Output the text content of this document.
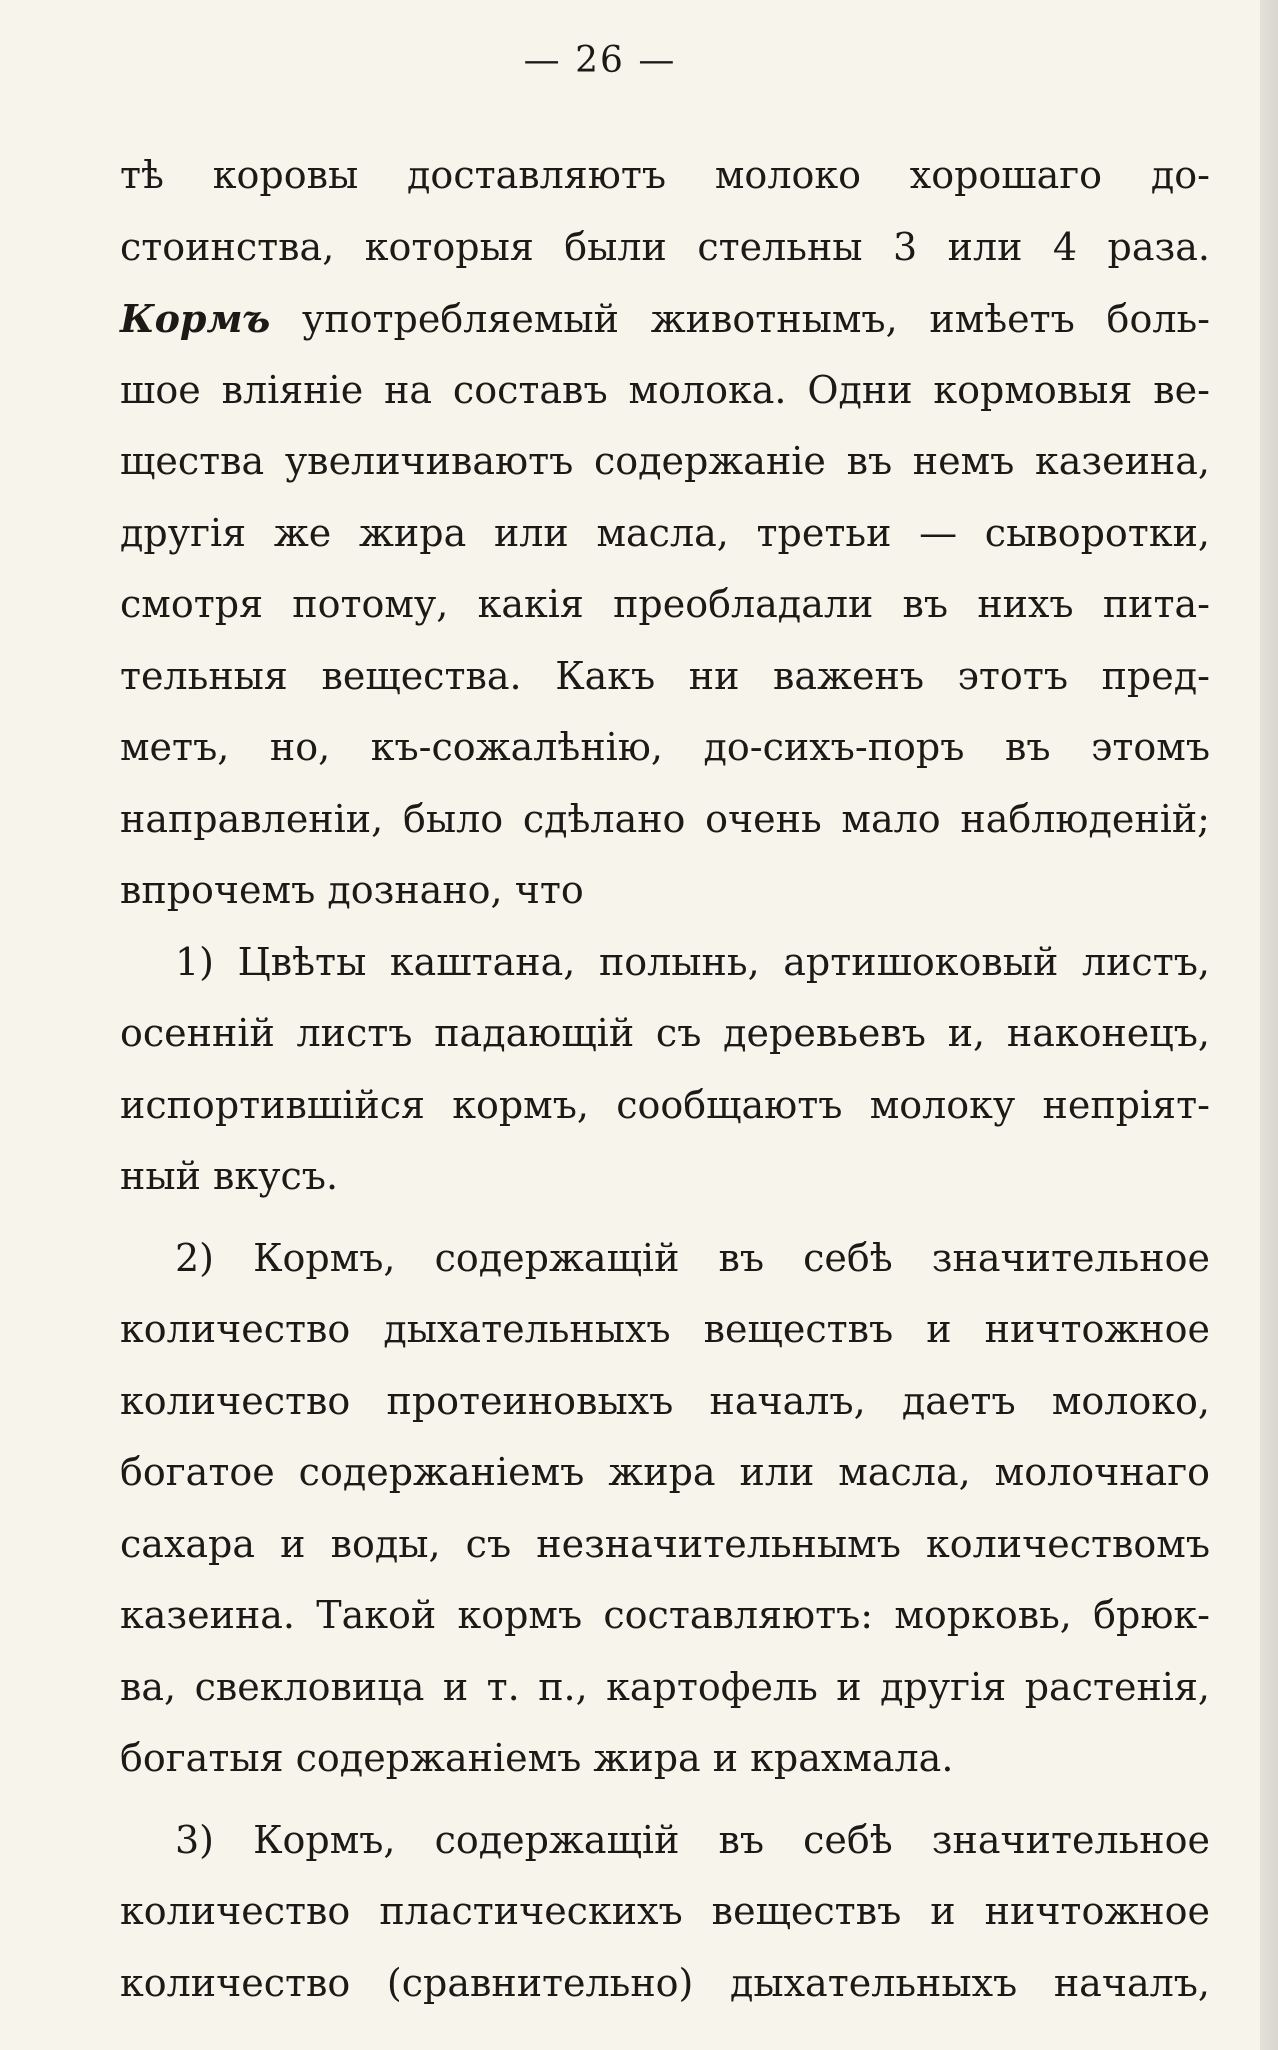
— 26 —
тѣ коровы доставляютъ молоко хорошаго до-
стоинства, которыя были стельны 3 или 4 раза.
Кормъ употребляемый животнымъ, имѣетъ боль-
шое вліяніе на составъ молока. Одни кормовыя ве-
щества увеличиваютъ содержаніе въ немъ казеина,
другія же жира или масла, третьи — сыворотки,
смотря потому, какія преобладали въ нихъ пита-
тельныя вещества. Какъ ни важенъ этотъ пред-
метъ, но, къ-сожалѣнію, до-сихъ-поръ въ этомъ
направленіи, было сдѣлано очень мало наблюденій;
впрочемъ дознано, что
1) Цвѣты каштана, полынь, артишоковый листъ,
осенній листъ падающій съ деревьевъ и, наконецъ,
испортившійся кормъ, сообщаютъ молоку непріят-
ный вкусъ.
2) Кормъ, содержащій въ себѣ значительное
количество дыхательныхъ веществъ и ничтожное
количество протеиновыхъ началъ, даетъ молоко,
богатое содержаніемъ жира или масла, молочнаго
сахара и воды, съ незначительнымъ количествомъ
казеина. Такой кормъ составляютъ: морковь, брюк-
ва, свекловица и т. п., картофель и другія растенія,
богатыя содержаніемъ жира и крахмала.
3) Кормъ, содержащій въ себѣ значительное
количество пластическихъ веществъ и ничтожное
количество (сравнительно) дыхательныхъ началъ,
